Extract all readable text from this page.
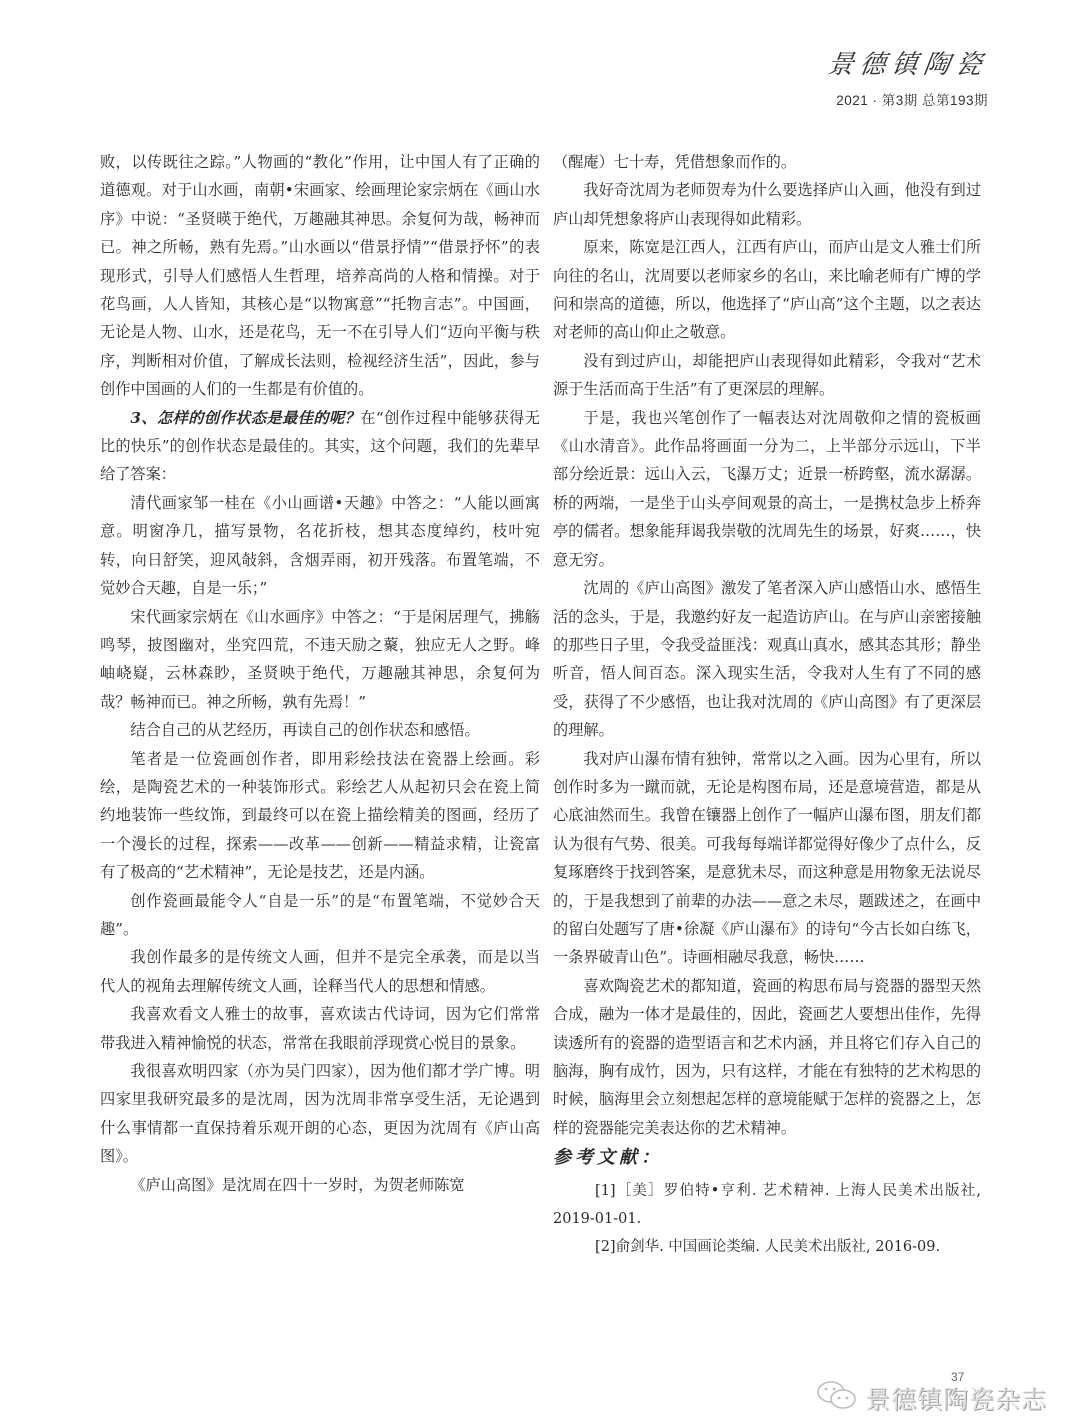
景德镇陶瓷
2021 · 第3期 总第193期

败，以传既往之踪。”人物画的“教化”作用，让中国人有了正确的道德观。对于山水画，南朝•宋画家、绘画理论家宗炳在《画山水序》中说：“圣贤暎于绝代，万趣融其神思。余复何为哉，畅神而已。神之所畅，熟有先焉。”山水画以“借景抒情”“借景抒怀”的表现形式，引导人们感悟人生哲理，培养高尚的人格和情操。对于花鸟画，人人皆知，其核心是“以物寓意”“托物言志”。中国画，无论是人物、山水，还是花鸟，无一不在引导人们“迈向平衡与秩序，判断相对价值，了解成长法则，检视经济生活”，因此，参与创作中国画的人们的一生都是有价值的。

3、怎样的创作状态是最佳的呢？在“创作过程中能够获得无比的快乐”的创作状态是最佳的。其实，这个问题，我们的先辈早给了答案：

清代画家邹一桂在《小山画谱•天趣》中答之：“人能以画寓意。明窗净几，描写景物，名花折枝，想其态度绰约，枝叶宛转，向日舒笑，迎风敧斜，含烟弄雨，初开残落。布置笔端，不觉妙合天趣，自是一乐；”

宋代画家宗炳在《山水画序》中答之：“于是闲居理气，拂觞鸣琴，披图幽对，坐究四荒，不违天励之藂，独应无人之野。峰岫峣嶷，云林森眇，圣贤映于绝代，万趣融其神思，余复何为哉？畅神而已。神之所畅，孰有先焉！”

结合自己的从艺经历，再读自己的创作状态和感悟。

笔者是一位瓷画创作者，即用彩绘技法在瓷器上绘画。彩绘，是陶瓷艺术的一种装饰形式。彩绘艺人从起初只会在瓷上简约地装饰一些纹饰，到最终可以在瓷上描绘精美的图画，经历了一个漫长的过程，探索——改革——创新——精益求精，让瓷富有了极高的“艺术精神”，无论是技艺，还是内涵。

创作瓷画最能令人“自是一乐”的是“布置笔端，不觉妙合天趣”。

我创作最多的是传统文人画，但并不是完全承袭，而是以当代人的视角去理解传统文人画，诠释当代人的思想和情感。

我喜欢看文人雅士的故事，喜欢读古代诗词，因为它们常常带我进入精神愉悦的状态，常常在我眼前浮现赏心悦目的景象。

我很喜欢明四家（亦为吴门四家），因为他们都才学广博。明四家里我研究最多的是沈周，因为沈周非常享受生活，无论遇到什么事情都一直保持着乐观开朗的心态，更因为沈周有《庐山高图》。

《庐山高图》是沈周在四十一岁时，为贺老师陈宽

（醒庵）七十寿，凭借想象而作的。

我好奇沈周为老师贺寿为什么要选择庐山入画，他没有到过庐山却凭想象将庐山表现得如此精彩。

原来，陈宽是江西人，江西有庐山，而庐山是文人雅士们所向往的名山，沈周要以老师家乡的名山，来比喻老师有广博的学问和崇高的道德，所以，他选择了“庐山高”这个主题，以之表达对老师的高山仰止之敬意。

没有到过庐山，却能把庐山表现得如此精彩，令我对“艺术源于生活而高于生活”有了更深层的理解。

于是，我也兴笔创作了一幅表达对沈周敬仰之情的瓷板画《山水清音》。此作品将画面一分为二，上半部分示远山，下半部分绘近景：远山入云，飞瀑万丈；近景一桥跨壑，流水潺潺。桥的两端，一是坐于山头亭间观景的高士，一是携杖急步上桥奔亭的儒者。想象能拜谒我崇敬的沈周先生的场景，好爽……，快意无穷。

沈周的《庐山高图》激发了笔者深入庐山感悟山水、感悟生活的念头，于是，我邀约好友一起造访庐山。在与庐山亲密接触的那些日子里，令我受益匪浅：观真山真水，感其态其形；静坐听音，悟人间百态。深入现实生活，令我对人生有了不同的感受，获得了不少感悟，也让我对沈周的《庐山高图》有了更深层的理解。

我对庐山瀑布情有独钟，常常以之入画。因为心里有，所以创作时多为一蹴而就，无论是构图布局，还是意境营造，都是从心底油然而生。我曾在镶器上创作了一幅庐山瀑布图，朋友们都认为很有气势、很美。可我每每端详都觉得好像少了点什么，反复琢磨终于找到答案，是意犹未尽，而这种意是用物象无法说尽的，于是我想到了前辈的办法——意之未尽，题跋述之，在画中的留白处题写了唐•徐凝《庐山瀑布》的诗句“今古长如白练飞，一条界破青山色”。诗画相融尽我意，畅快……

喜欢陶瓷艺术的都知道，瓷画的构思布局与瓷器的器型天然合成，融为一体才是最佳的，因此，瓷画艺人要想出佳作，先得读透所有的瓷器的造型语言和艺术内涵，并且将它们存入自己的脑海，胸有成竹，因为，只有这样，才能在有独特的艺术构思的时候，脑海里会立刻想起怎样的意境能赋于怎样的瓷器之上，怎样的瓷器能完美表达你的艺术精神。

参考文献：

[1]［美］罗伯特•亨利. 艺术精神. 上海人民美术出版社, 2019-01-01.

[2]俞剑华. 中国画论类编. 人民美术出版社, 2016-09.

37
景德镇陶瓷杂志
